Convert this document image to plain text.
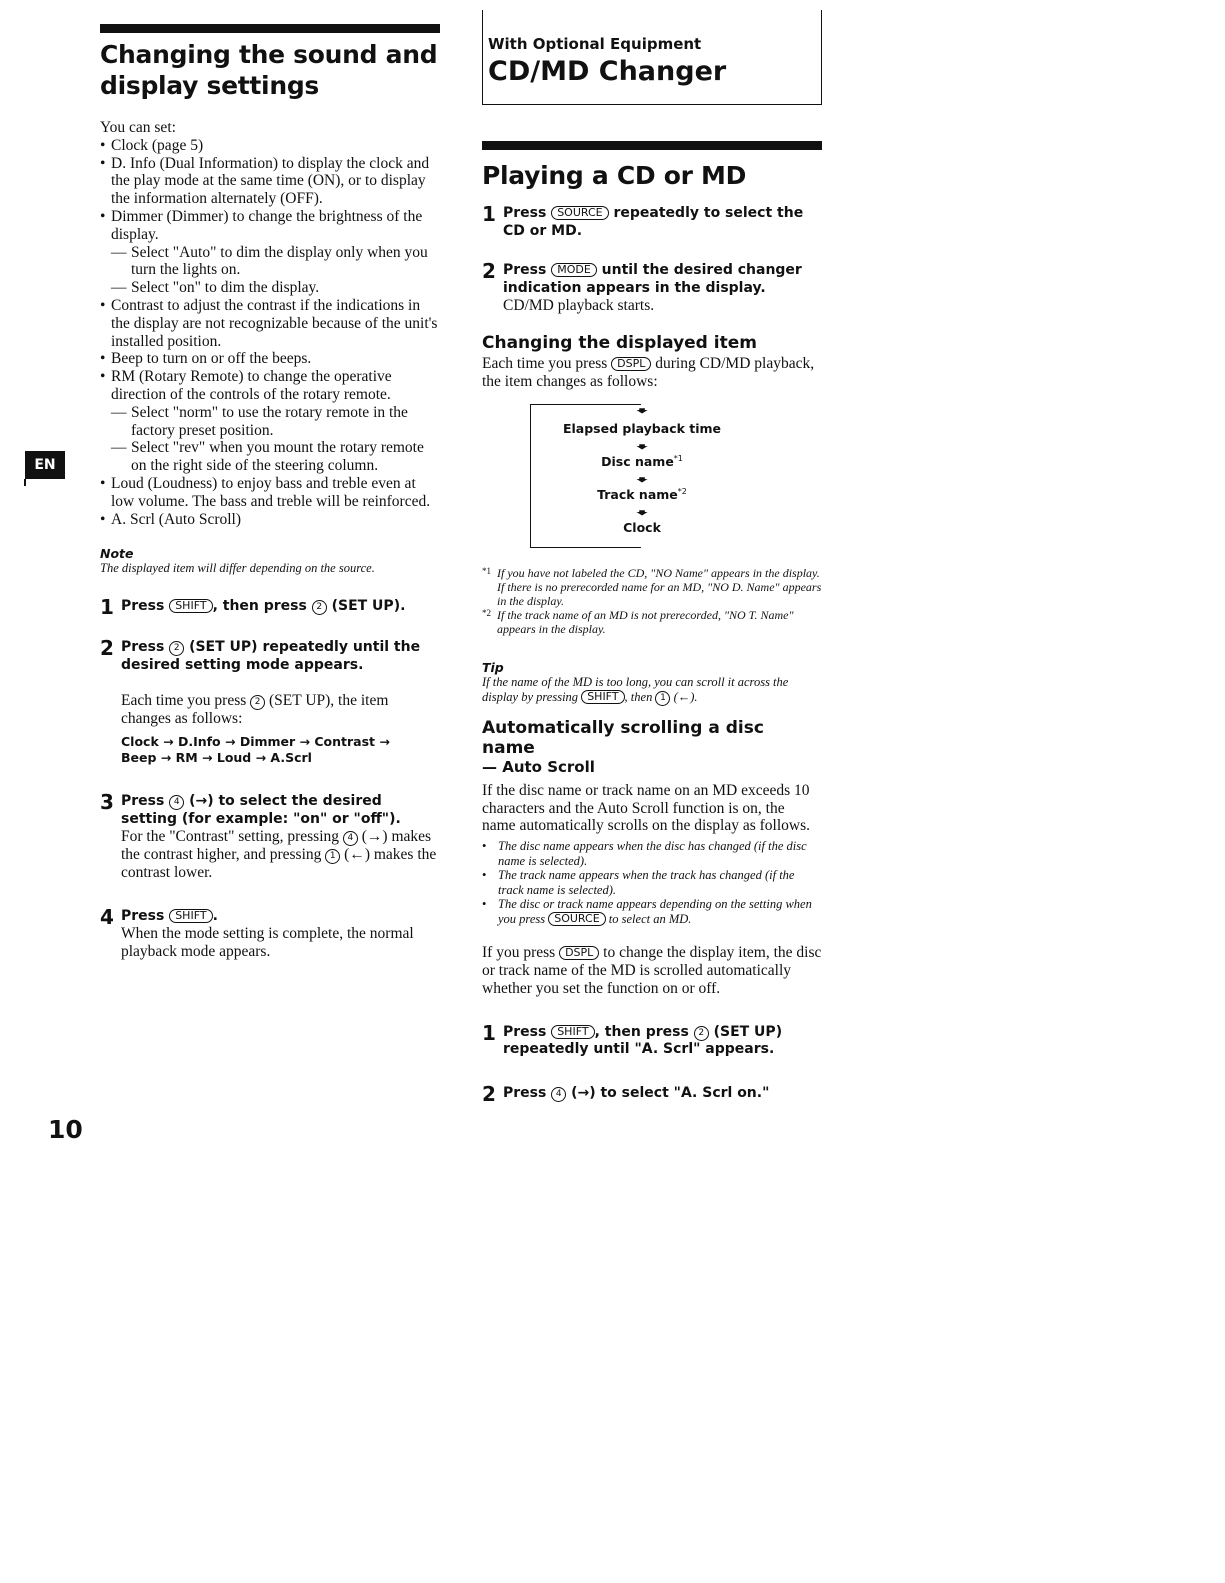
EN
Changing the sound and display settings
You can set:
• Clock (page 5)
• D. Info (Dual Information) to display the clock and the play mode at the same time (ON), or to display the information alternately (OFF).
• Dimmer (Dimmer) to change the brightness of the display.
— Select "Auto" to dim the display only when you turn the lights on.
— Select "on" to dim the display.
• Contrast to adjust the contrast if the indications in the display are not recognizable because of the unit's installed position.
• Beep to turn on or off the beeps.
• RM (Rotary Remote) to change the operative direction of the controls of the rotary remote.
— Select "norm" to use the rotary remote in the factory preset position.
— Select "rev" when you mount the rotary remote on the right side of the steering column.
• Loud (Loudness) to enjoy bass and treble even at low volume. The bass and treble will be reinforced.
• A. Scrl (Auto Scroll)
Note
The displayed item will differ depending on the source.
1 Press SHIFT , then press 2 (SET UP).
2 Press 2 (SET UP) repeatedly until the desired setting mode appears.
Each time you press 2 (SET UP), the item changes as follows:
Clock → D.Info → Dimmer → Contrast →
Beep → RM → Loud → A.Scrl
3 Press 4 (→) to select the desired setting (for example: "on" or "off").
For the "Contrast" setting, pressing 4 (→) makes the contrast higher, and pressing 1 (←) makes the contrast lower.
4 Press SHIFT .
When the mode setting is complete, the normal playback mode appears.
10
With Optional Equipment
CD/MD Changer
Playing a CD or MD
1 Press SOURCE repeatedly to select the CD or MD.
2 Press MODE until the desired changer indication appears in the display.
CD/MD playback starts.
Changing the displayed item
Each time you press DSPL during CD/MD playback, the item changes as follows:
🡃
Elapsed playback time
🡃
Disc name$^{*1}$
🡃
Track name$^{*2}$
🡃
Clock
*1 If you have not labeled the CD, "NO Name" appears in the display. If there is no prerecorded name for an MD, "NO D. Name" appears in the display.
*2 If the track name of an MD is not prerecorded, "NO T. Name" appears in the display.
Tip
If the name of the MD is too long, you can scroll it across the display by pressing SHIFT , then 1 (←).
Automatically scrolling a disc name
— Auto Scroll
If the disc name or track name on an MD exceeds 10 characters and the Auto Scroll function is on, the name automatically scrolls on the display as follows.
• The disc name appears when the disc has changed (if the disc name is selected).
• The track name appears when the track has changed (if the track name is selected).
• The disc or track name appears depending on the setting when you press SOURCE to select an MD.
If you press DSPL to change the display item, the disc or track name of the MD is scrolled automatically whether you set the function on or off.
1 Press SHIFT , then press 2 (SET UP) repeatedly until "A. Scrl" appears.
2 Press 4 (→) to select "A. Scrl on."
